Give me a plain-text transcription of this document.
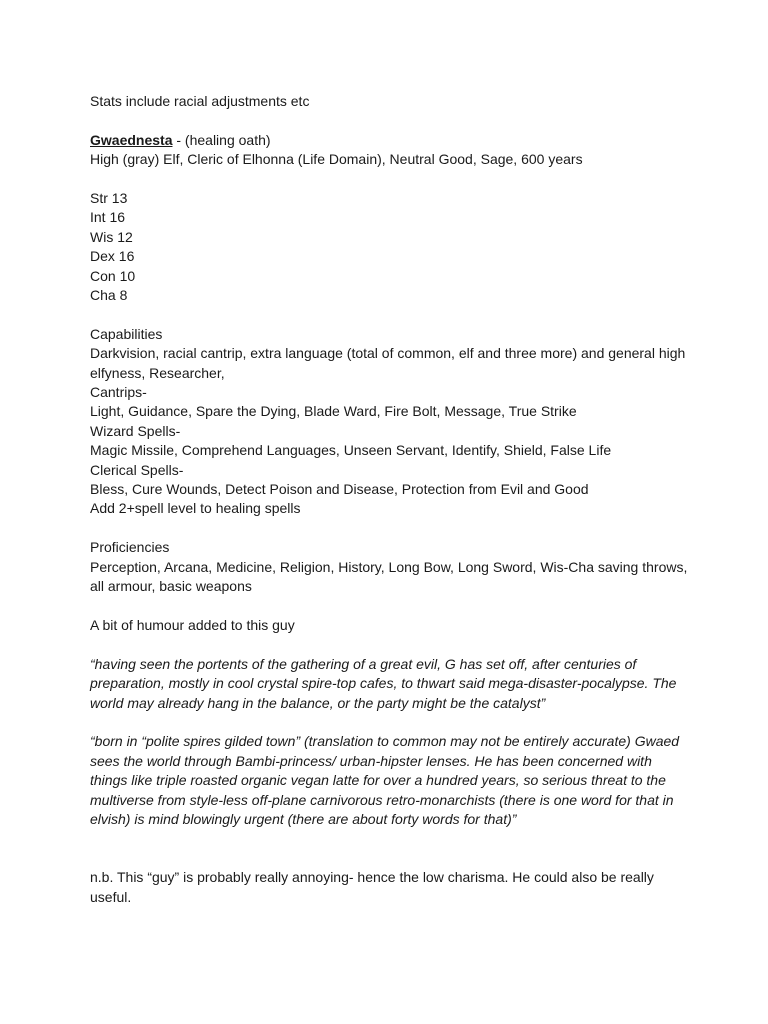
Stats include racial adjustments etc
Gwaednesta - (healing oath)
High (gray) Elf, Cleric of Elhonna (Life Domain), Neutral Good, Sage, 600 years
Str 13
Int 16
Wis 12
Dex 16
Con 10
Cha 8
Capabilities
Darkvision, racial cantrip, extra language (total of common, elf and three more) and general high elfyness, Researcher,
Cantrips-
Light, Guidance, Spare the Dying, Blade Ward, Fire Bolt, Message, True Strike
Wizard Spells-
Magic Missile, Comprehend Languages, Unseen Servant, Identify, Shield, False Life
Clerical Spells-
Bless, Cure Wounds, Detect Poison and Disease, Protection from Evil and Good
Add 2+spell level to healing spells
Proficiencies
Perception, Arcana, Medicine, Religion, History, Long Bow, Long Sword, Wis-Cha saving throws, all armour, basic weapons
A bit of humour added to this guy
“having seen the portents of the gathering of a great evil, G has set off, after centuries of preparation, mostly in cool crystal spire-top cafes, to thwart said mega-disaster-pocalypse. The world may already hang in the balance, or the party might be the catalyst”
“born in “polite spires gilded town” (translation to common may not be entirely accurate) Gwaed sees the world through Bambi-princess/ urban-hipster lenses. He has been concerned with things like triple roasted organic vegan latte for over a hundred years, so serious threat to the multiverse from style-less off-plane carnivorous retro-monarchists (there is one word for that in elvish) is mind blowingly urgent (there are about forty words for that)”
n.b. This “guy” is probably really annoying- hence the low charisma. He could also be really useful.
